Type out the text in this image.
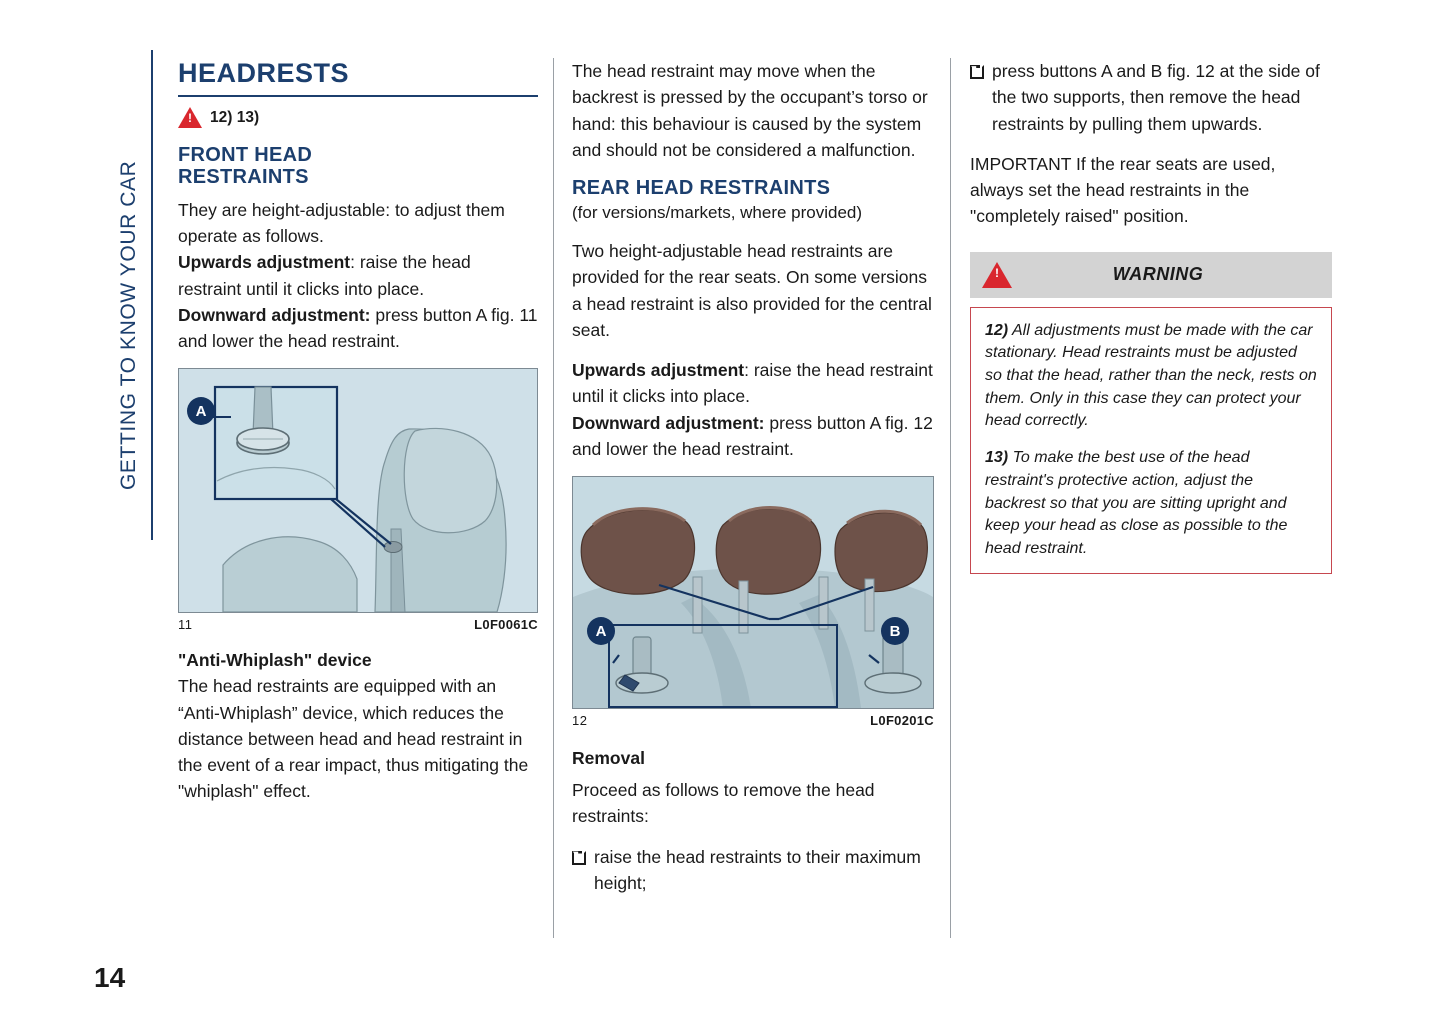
GETTING TO KNOW YOUR CAR
HEADRESTS
!
12) 13)
FRONT HEAD
RESTRAINTS

They are height-adjustable: to adjust them operate as follows.

Upwards adjustment: raise the head restraint until it clicks into place.

Downward adjustment: press button A fig. 11 and lower the head restraint.

A
11	L0F0061C
"Anti-Whiplash" device

The head restraints are equipped with an “Anti-Whiplash” device, which reduces the distance between head and head restraint in the event of a rear impact, thus mitigating the "whiplash" effect.

The head restraint may move when the backrest is pressed by the occupant’s torso or hand: this behaviour is caused by the system and should not be considered a malfunction.

REAR HEAD RESTRAINTS
(for versions/markets, where provided)

Two height-adjustable head restraints are provided for the rear seats. On some versions a head restraint is also provided for the central seat.

Upwards adjustment: raise the head restraint until it clicks into place.

Downward adjustment: press button A fig. 12 and lower the head restraint.

A	B
12	L0F0201C
Removal

Proceed as follows to remove the head restraints:

raise the head restraints to their maximum height;
press buttons A and B fig. 12 at the side of the two supports, then remove the head restraints by pulling them upwards.

IMPORTANT If the rear seats are used, always set the head restraints in the "completely raised" position.

!
WARNING

12) All adjustments must be made with the car stationary. Head restraints must be adjusted so that the head, rather than the neck, rests on them. Only in this case they can protect your head correctly.

13) To make the best use of the head restraint's protective action, adjust the backrest so that you are sitting upright and keep your head as close as possible to the head restraint.

14
